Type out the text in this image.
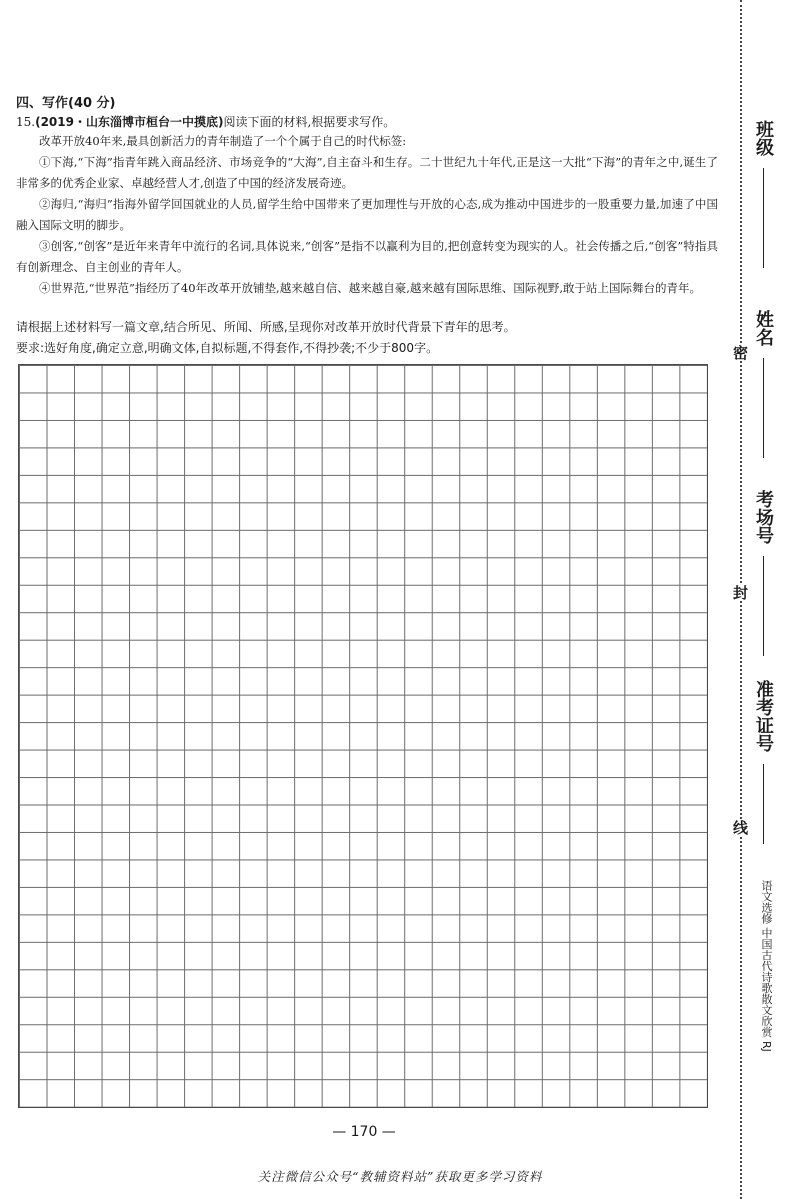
四、写作(40 分)
15.(2019・山东淄博市桓台一中摸底)阅读下面的材料,根据要求写作。

改革开放40年来,最具创新活力的青年制造了一个个属于自己的时代标签:

①下海,“下海”指青年跳入商品经济、市场竞争的“大海”,自主奋斗和生存。二十世纪九十年代,正是这一大批“下海”的青年之中,诞生了非常多的优秀企业家、卓越经营人才,创造了中国的经济发展奇迹。

②海归,“海归”指海外留学回国就业的人员,留学生给中国带来了更加理性与开放的心态,成为推动中国进步的一股重要力量,加速了中国融入国际文明的脚步。

③创客,“创客”是近年来青年中流行的名词,具体说来,“创客”是指不以赢利为目的,把创意转变为现实的人。社会传播之后,“创客”特指具有创新理念、自主创业的青年人。

④世界范,“世界范”指经历了40年改革开放铺垫,越来越自信、越来越自豪,越来越有国际思维、国际视野,敢于站上国际舞台的青年。

请根据上述材料写一篇文章,结合所见、所闻、所感,呈现你对改革开放时代背景下青年的思考。

要求:选好角度,确定立意,明确文体,自拟标题,不得套作,不得抄袭;不少于800字。

— 170 —
关注微信公众号“教辅资料站”获取更多学习资料
班级
姓名
考场号
准考证号
密
封
线
语文选修 中国古代诗歌散文欣赏 RJ
